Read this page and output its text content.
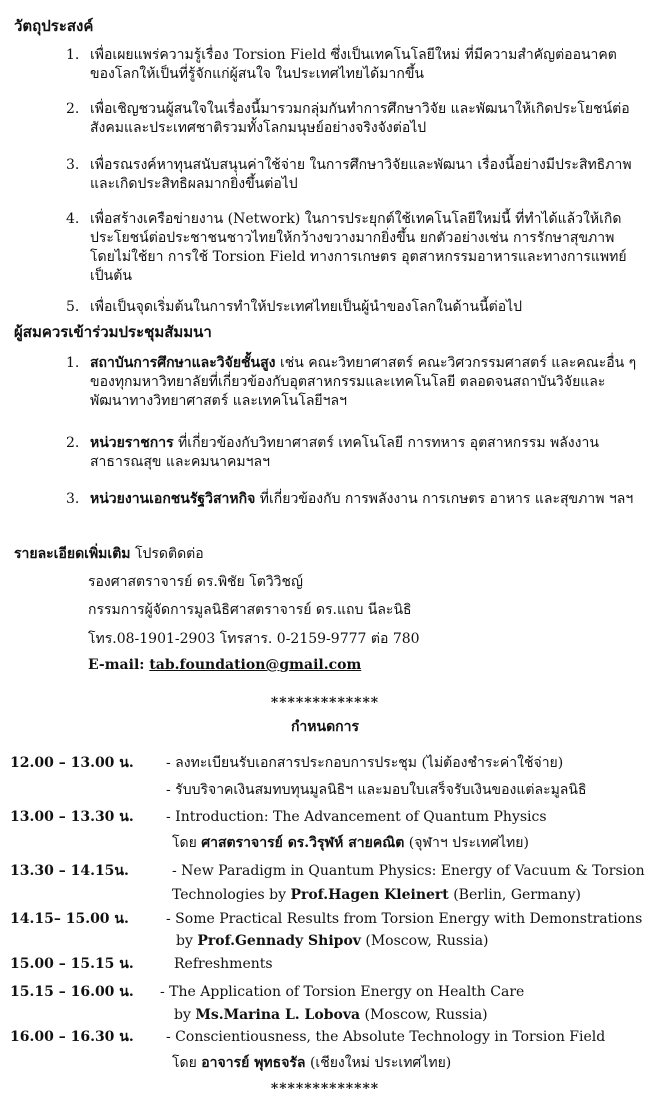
วัตถุประสงค์
1. เพื่อเผยแพร่ความรู้เรื่อง Torsion Field ซึ่งเป็นเทคโนโลยีใหม่ ที่มีความสำคัญต่ออนาคตของโลกให้เป็นที่รู้จักแก่ผู้สนใจ ในประเทศไทยได้มากขึ้น
2. เพื่อเชิญชวนผู้สนใจในเรื่องนี้มารวมกลุ่มกันทำการศึกษาวิจัย และพัฒนาให้เกิดประโยชน์ต่อสังคมและประเทศชาติรวมทั้งโลกมนุษย์อย่างจริงจังต่อไป
3. เพื่อรณรงค์หาทุนสนับสนุนค่าใช้จ่าย ในการศึกษาวิจัยและพัฒนา เรื่องนี้อย่างมีประสิทธิภาพและเกิดประสิทธิผลมากยิ่งขึ้นต่อไป
4. เพื่อสร้างเครือข่ายงาน (Network) ในการประยุกต์ใช้เทคโนโลยีใหม่นี้ ที่ทำได้แล้วให้เกิดประโยชน์ต่อประชาชนชาวไทยให้กว้างขวางมากยิ่งขึ้น ยกตัวอย่างเช่น การรักษาสุขภาพ โดยไม่ใช้ยา การใช้ Torsion Field ทางการเกษตร อุตสาหกรรมอาหารและทางการแพทย์เป็นต้น
5. เพื่อเป็นจุดเริ่มต้นในการทำให้ประเทศไทยเป็นผู้นำของโลกในด้านนี้ต่อไป
ผู้สมควรเข้าร่วมประชุมสัมมนา
1. สถาบันการศึกษาและวิจัยชั้นสูง เช่น คณะวิทยาศาสตร์ คณะวิศวกรรมศาสตร์ และคณะอื่น ๆของทุกมหาวิทยาลัยที่เกี่ยวข้องกับอุตสาหกรรมและเทคโนโลยี ตลอดจนสถาบันวิจัยและพัฒนาทางวิทยาศาสตร์ และเทคโนโลยีฯลฯ
2. หน่วยราชการ ที่เกี่ยวข้องกับวิทยาศาสตร์ เทคโนโลยี การทหาร อุตสาหกรรม พลังงาน สาธารณสุข และคมนาคมฯลฯ
3. หน่วยงานเอกชนรัฐวิสาหกิจ ที่เกี่ยวข้องกับ การพลังงาน การเกษตร อาหาร และสุขภาพ ฯลฯ
รายละเอียดเพิ่มเติม โปรดติดต่อ
รองศาสตราจารย์ ดร.พิชัย โตวิวิชญ์
กรรมการผู้จัดการมูลนิธิศาสตราจารย์ ดร.แถบ นีละนิธิ
โทร.08-1901-2903 โทรสาร. 0-2159-9777 ต่อ 780
E-mail: tab.foundation@gmail.com
*************
กำหนดการ
12.00 – 13.00 น. - ลงทะเบียนรับเอกสารประกอบการประชุม (ไม่ต้องชำระค่าใช้จ่าย)
- รับบริจาคเงินสมทบทุนมูลนิธิฯ และมอบใบเสร็จรับเงินของแต่ละมูลนิธิ
13.00 – 13.30 น. - Introduction: The Advancement of Quantum Physics
โดย ศาสตราจารย์ ดร.วิรุฬห์ สายคณิต (จุฬาฯ ประเทศไทย)
13.30 – 14.15น.	- New Paradigm in Quantum Physics: Energy of Vacuum & Torsion
Technologies by Prof.Hagen Kleinert (Berlin, Germany)
14.15– 15.00 น.	- Some Practical Results from Torsion Energy with Demonstrations
by Prof.Gennady Shipov (Moscow, Russia)
15.00 – 15.15 น.	Refreshments
15.15 – 16.00 น. - The Application of Torsion Energy on Health Care
by Ms.Marina L. Lobova (Moscow, Russia)
16.00 – 16.30 น. - Conscientiousness, the Absolute Technology in Torsion Field
โดย อาจารย์ พุทธจรัล (เชียงใหม่ ประเทศไทย)
*************
